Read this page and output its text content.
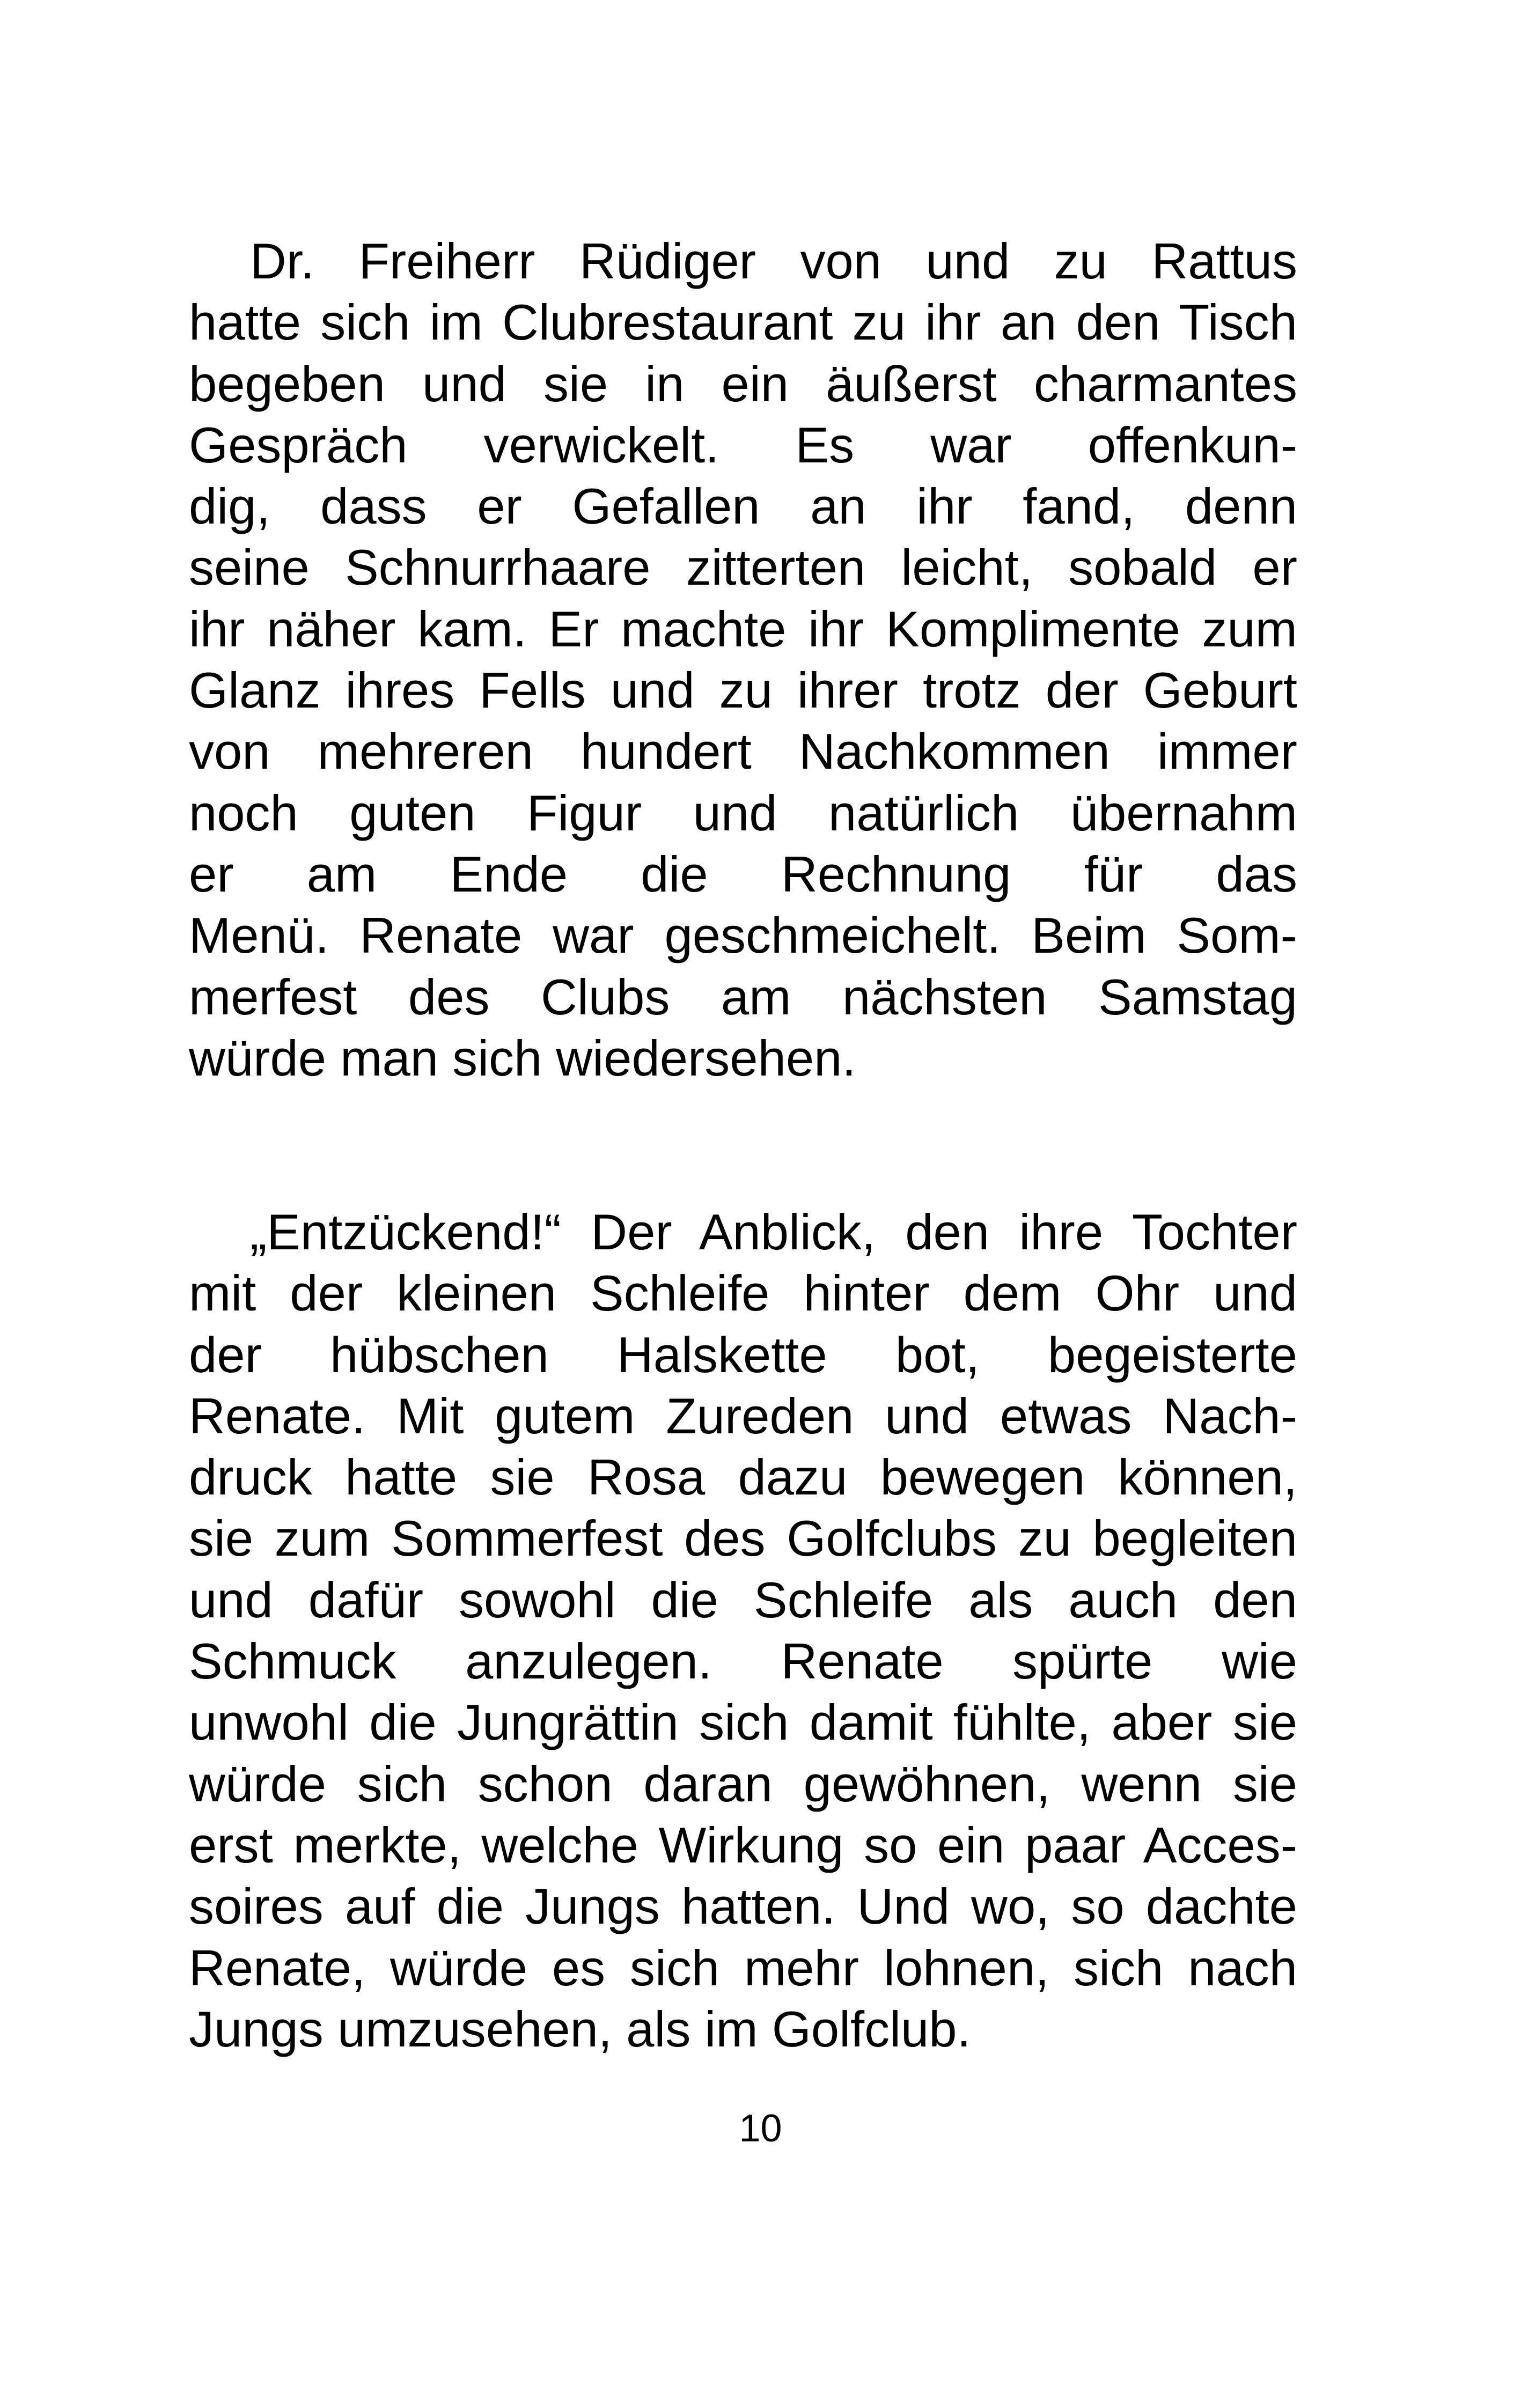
Dr. Freiherr Rüdiger von und zu Rattus
hatte sich im Clubrestaurant zu ihr an den Tisch
begeben und sie in ein äußerst charmantes
Gespräch verwickelt. Es war offenkun-
dig, dass er Gefallen an ihr fand, denn
seine Schnurrhaare zitterten leicht, sobald er
ihr näher kam. Er machte ihr Komplimente zum
Glanz ihres Fells und zu ihrer trotz der Geburt
von mehreren hundert Nachkommen immer
noch guten Figur und natürlich übernahm
er am Ende die Rechnung für das
Menü. Renate war geschmeichelt. Beim Som-
merfest des Clubs am nächsten Samstag
würde man sich wiedersehen.
„Entzückend!“ Der Anblick, den ihre Tochter
mit der kleinen Schleife hinter dem Ohr und
der hübschen Halskette bot, begeisterte
Renate. Mit gutem Zureden und etwas Nach-
druck hatte sie Rosa dazu bewegen können,
sie zum Sommerfest des Golfclubs zu begleiten
und dafür sowohl die Schleife als auch den
Schmuck anzulegen. Renate spürte wie
unwohl die Jungrättin sich damit fühlte, aber sie
würde sich schon daran gewöhnen, wenn sie
erst merkte, welche Wirkung so ein paar Acces-
soires auf die Jungs hatten. Und wo, so dachte
Renate, würde es sich mehr lohnen, sich nach
Jungs umzusehen, als im Golfclub.
10
